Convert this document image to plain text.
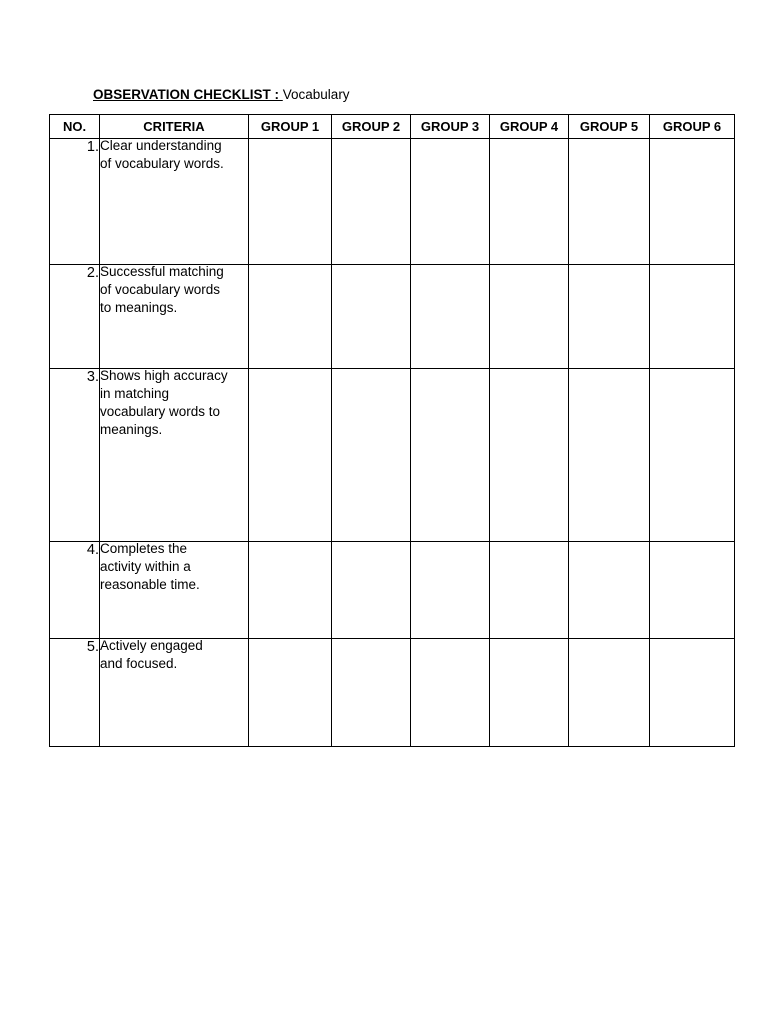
OBSERVATION CHECKLIST : Vocabulary
NO.	CRITERIA	GROUP 1	GROUP 2	GROUP 3	GROUP 4	GROUP 5	GROUP 6
1.	Clear understanding
of vocabulary words.						

2.	Successful matching
of vocabulary words
to meanings.						

3.	Shows high accuracy
in matching
vocabulary words to
meanings.						

4.	Completes the
activity within a
reasonable time.						

5.	Actively engaged
and focused.						
